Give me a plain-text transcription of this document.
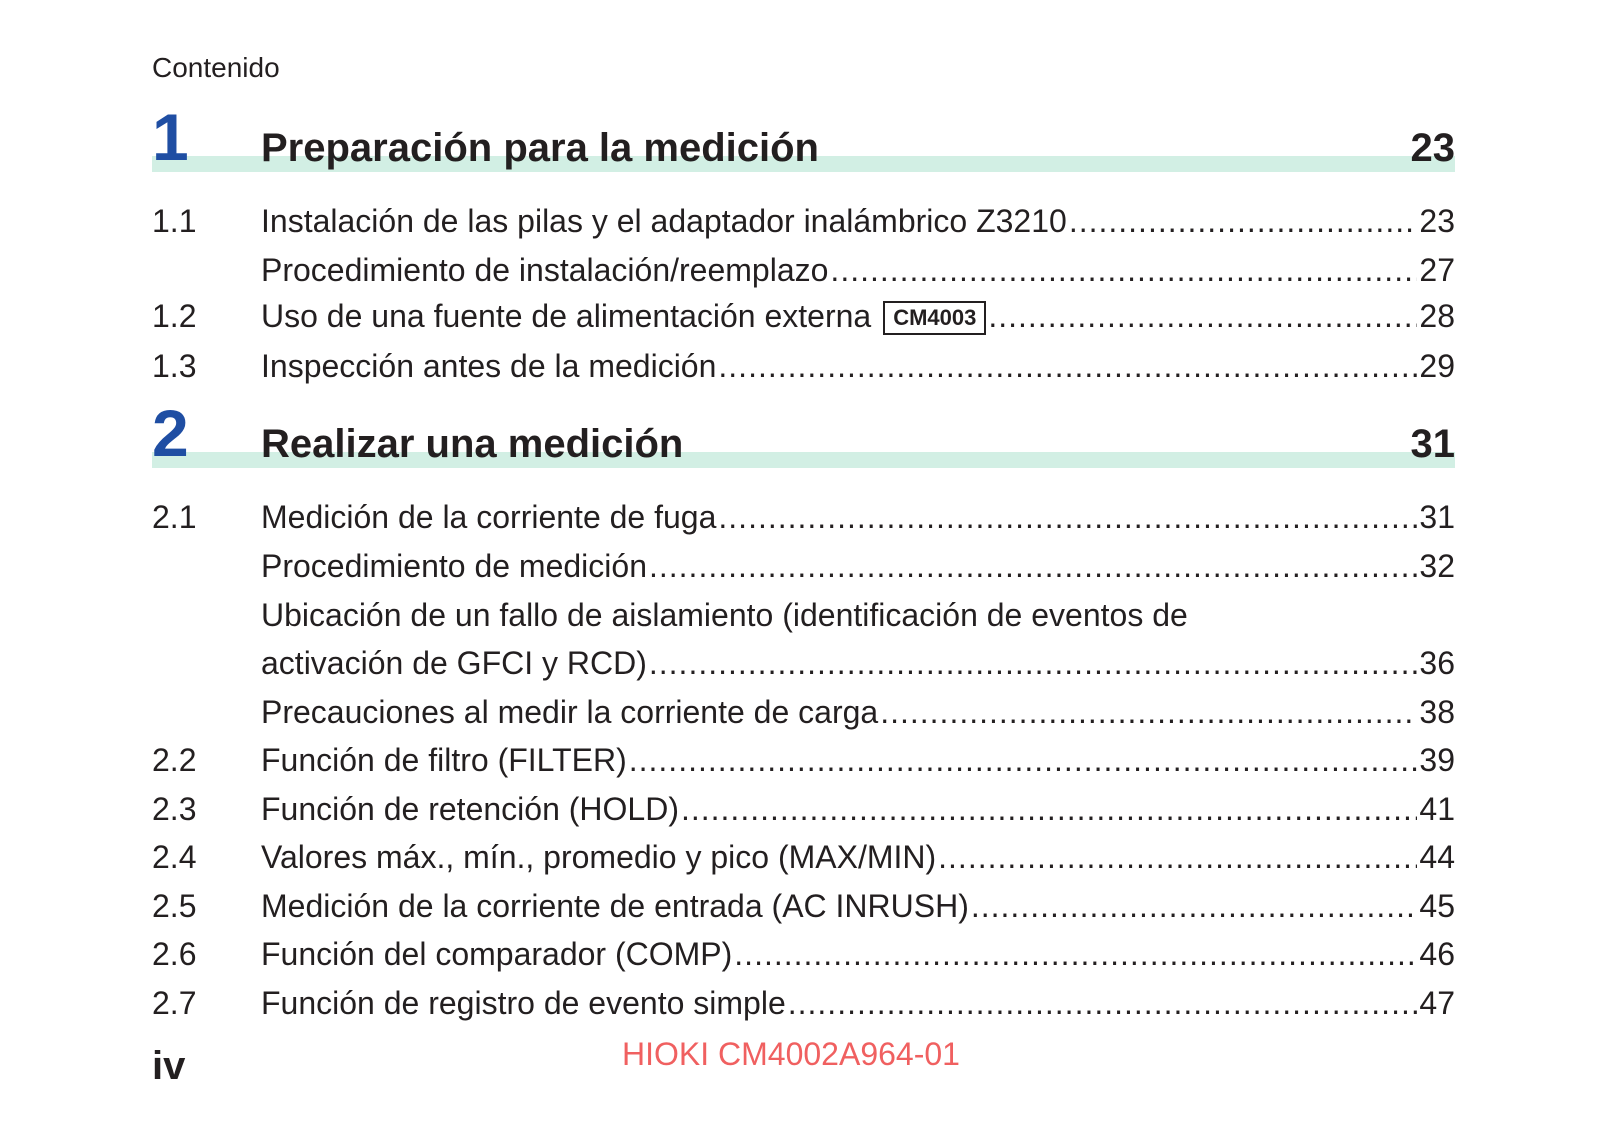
Contenido
1 Preparación para la medición	23
1.1 Instalación de las pilas y el adaptador inalámbrico Z3210 .....	23
Procedimiento de instalación/reemplazo .....	27
1.2 Uso de una fuente de alimentación externa CM4003 .....	28
1.3 Inspección antes de la medición .....	29
2 Realizar una medición	31
2.1 Medición de la corriente de fuga .....	31
Procedimiento de medición .....	32
Ubicación de un fallo de aislamiento (identificación de eventos de
activación de GFCI y RCD) .....	36
Precauciones al medir la corriente de carga .....	38
2.2 Función de filtro (FILTER) .....	39
2.3 Función de retención (HOLD) .....	41
2.4 Valores máx., mín., promedio y pico (MAX/MIN) .....	44
2.5 Medición de la corriente de entrada (AC INRUSH) .....	45
2.6 Función del comparador (COMP) .....	46
2.7 Función de registro de evento simple .....	47
iv	HIOKI CM4002A964-01
